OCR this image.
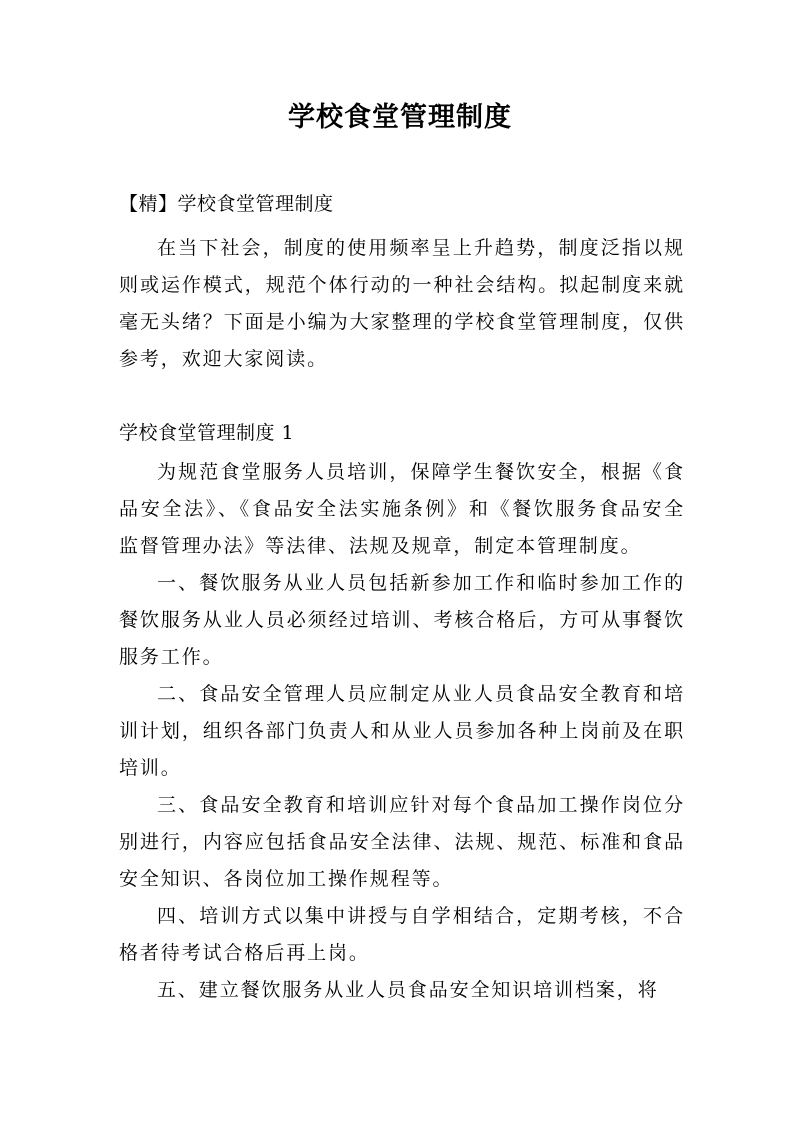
学校食堂管理制度

【精】学校食堂管理制度

在当下社会，制度的使用频率呈上升趋势，制度泛指以规则或运作模式，规范个体行动的一种社会结构。拟起制度来就毫无头绪？下面是小编为大家整理的学校食堂管理制度，仅供参考，欢迎大家阅读。

学校食堂管理制度 1

为规范食堂服务人员培训，保障学生餐饮安全，根据《食品安全法》、《食品安全法实施条例》和《餐饮服务食品安全监督管理办法》等法律、法规及规章，制定本管理制度。

一、餐饮服务从业人员包括新参加工作和临时参加工作的餐饮服务从业人员必须经过培训、考核合格后，方可从事餐饮服务工作。

二、食品安全管理人员应制定从业人员食品安全教育和培训计划，组织各部门负责人和从业人员参加各种上岗前及在职培训。

三、食品安全教育和培训应针对每个食品加工操作岗位分别进行，内容应包括食品安全法律、法规、规范、标准和食品安全知识、各岗位加工操作规程等。

四、培训方式以集中讲授与自学相结合，定期考核，不合格者待考试合格后再上岗。

五、建立餐饮服务从业人员食品安全知识培训档案，将
